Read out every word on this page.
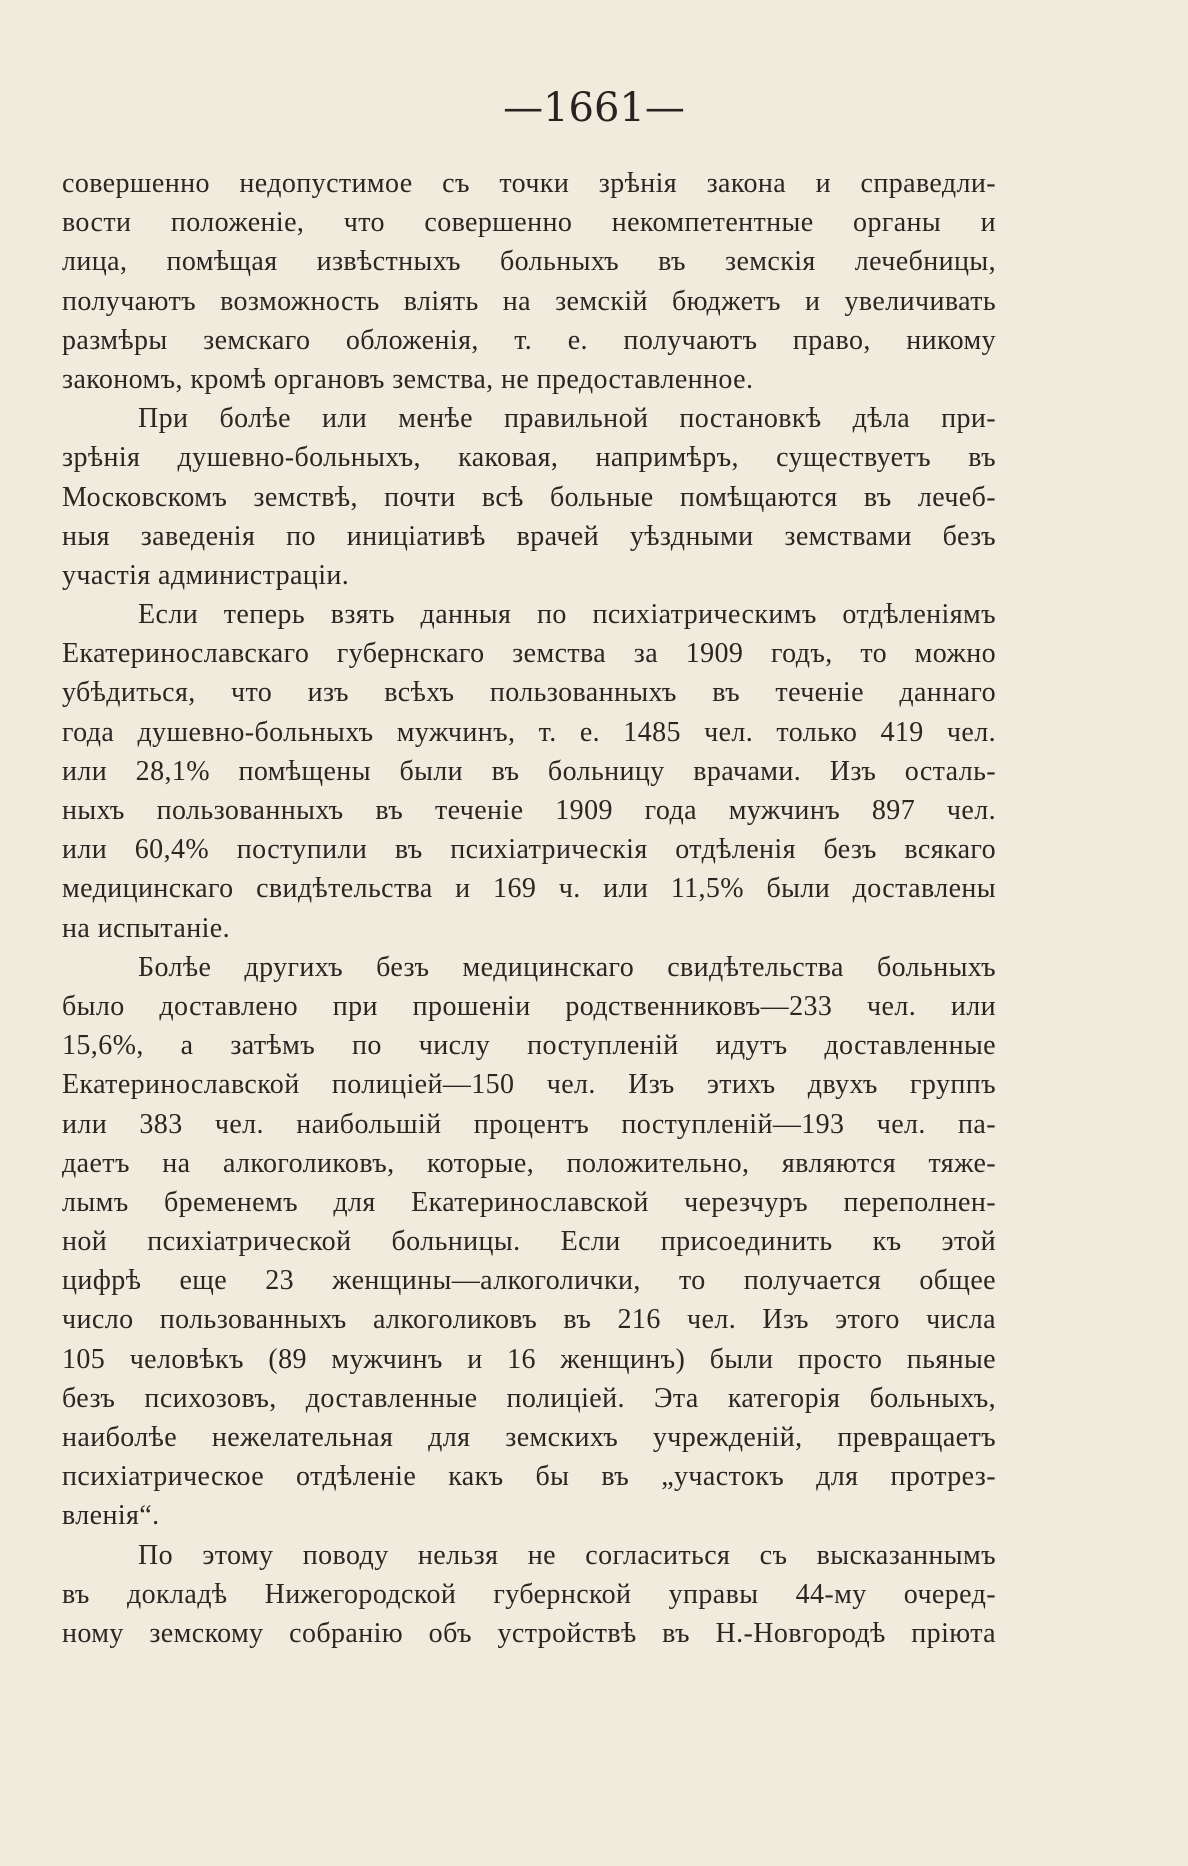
—1661—

совершенно недопустимое съ точки зрѣнія закона и справедли-
вости положеніе, что совершенно некомпетентные органы и
лица, помѣщая извѣстныхъ больныхъ въ земскія лечебницы,
получаютъ возможность вліять на земскій бюджетъ и увеличивать
размѣры земскаго обложенія, т. е. получаютъ право, никому
закономъ, кромѣ органовъ земства, не предоставленное.

При болѣе или менѣе правильной постановкѣ дѣла при-
зрѣнія душевно-больныхъ, каковая, напримѣръ, существуетъ въ
Московскомъ земствѣ, почти всѣ больные помѣщаются въ лечеб-
ныя заведенія по иниціативѣ врачей уѣздными земствами безъ
участія администраціи.

Если теперь взять данныя по психіатрическимъ отдѣленіямъ
Екатеринославскаго губернскаго земства за 1909 годъ, то можно
убѣдиться, что изъ всѣхъ пользованныхъ въ теченіе даннаго
года душевно-больныхъ мужчинъ, т. е. 1485 чел. только 419 чел.
или 28,1% помѣщены были въ больницу врачами. Изъ осталь-
ныхъ пользованныхъ въ теченіе 1909 года мужчинъ 897 чел.
или 60,4% поступили въ психіатрическія отдѣленія безъ всякаго
медицинскаго свидѣтельства и 169 ч. или 11,5% были доставлены
на испытаніе.

Болѣе другихъ безъ медицинскаго свидѣтельства больныхъ
было доставлено при прошеніи родственниковъ—233 чел. или
15,6%, а затѣмъ по числу поступленій идутъ доставленные
Екатеринославской полиціей—150 чел. Изъ этихъ двухъ группъ
или 383 чел. наибольшій процентъ поступленій—193 чел. па-
даетъ на алкоголиковъ, которые, положительно, являются тяже-
лымъ бременемъ для Екатеринославской черезчуръ переполнен-
ной психіатрической больницы. Если присоединить къ этой
цифрѣ еще 23 женщины—алкоголички, то получается общее
число пользованныхъ алкоголиковъ въ 216 чел. Изъ этого числа
105 человѣкъ (89 мужчинъ и 16 женщинъ) были просто пьяные
безъ психозовъ, доставленные полиціей. Эта категорія больныхъ,
наиболѣе нежелательная для земскихъ учрежденій, превращаетъ
психіатрическое отдѣленіе какъ бы въ „участокъ для протрез-
вленія“.

По этому поводу нельзя не согласиться съ высказаннымъ
въ докладѣ Нижегородской губернской управы 44-му очеред-
ному земскому собранію объ устройствѣ въ Н.-Новгородѣ пріюта
